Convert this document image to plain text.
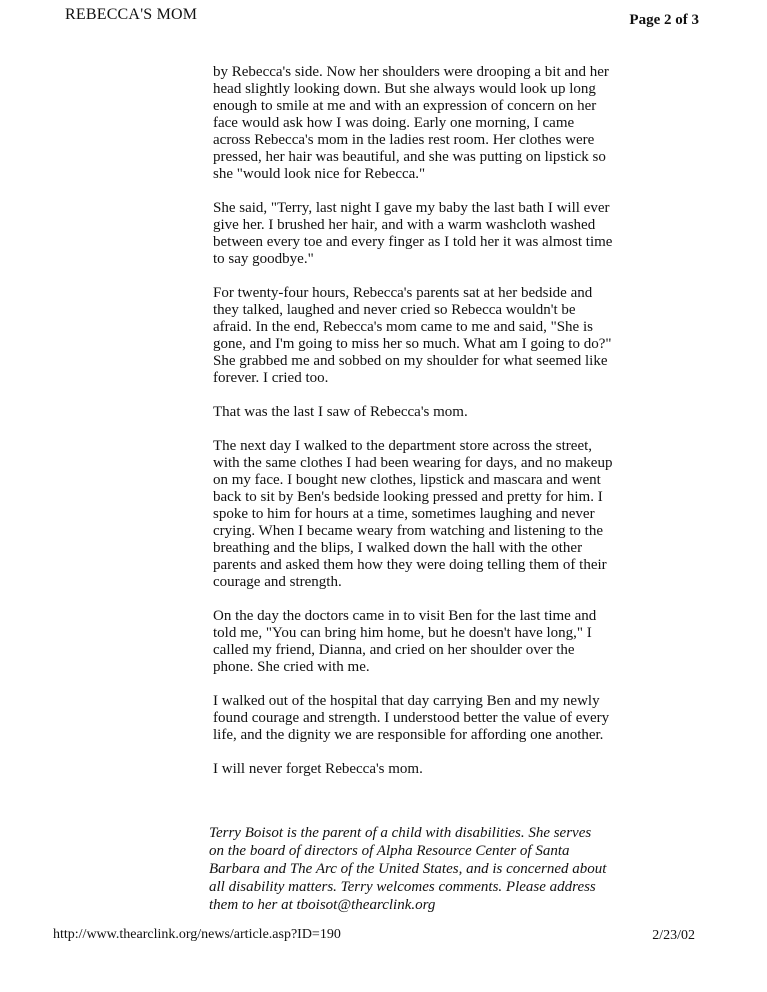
REBECCA'S MOM	Page 2 of 3

by Rebecca's side. Now her shoulders were drooping a bit and her head slightly looking down. But she always would look up long enough to smile at me and with an expression of concern on her face would ask how I was doing. Early one morning, I came across Rebecca's mom in the ladies rest room. Her clothes were pressed, her hair was beautiful, and she was putting on lipstick so she "would look nice for Rebecca."

She said, "Terry, last night I gave my baby the last bath I will ever give her. I brushed her hair, and with a warm washcloth washed between every toe and every finger as I told her it was almost time to say goodbye."

For twenty-four hours, Rebecca's parents sat at her bedside and they talked, laughed and never cried so Rebecca wouldn't be afraid. In the end, Rebecca's mom came to me and said, "She is gone, and I'm going to miss her so much. What am I going to do?" She grabbed me and sobbed on my shoulder for what seemed like forever. I cried too.

That was the last I saw of Rebecca's mom.

The next day I walked to the department store across the street, with the same clothes I had been wearing for days, and no makeup on my face. I bought new clothes, lipstick and mascara and went back to sit by Ben's bedside looking pressed and pretty for him. I spoke to him for hours at a time, sometimes laughing and never crying. When I became weary from watching and listening to the breathing and the blips, I walked down the hall with the other parents and asked them how they were doing telling them of their courage and strength.

On the day the doctors came in to visit Ben for the last time and told me, "You can bring him home, but he doesn't have long," I called my friend, Dianna, and cried on her shoulder over the phone. She cried with me.

I walked out of the hospital that day carrying Ben and my newly found courage and strength. I understood better the value of every life, and the dignity we are responsible for affording one another.

I will never forget Rebecca's mom.

Terry Boisot is the parent of a child with disabilities. She serves on the board of directors of Alpha Resource Center of Santa Barbara and The Arc of the United States, and is concerned about all disability matters. Terry welcomes comments. Please address them to her at tboisot@thearclink.org
http://www.thearclink.org/news/article.asp?ID=190	2/23/02
